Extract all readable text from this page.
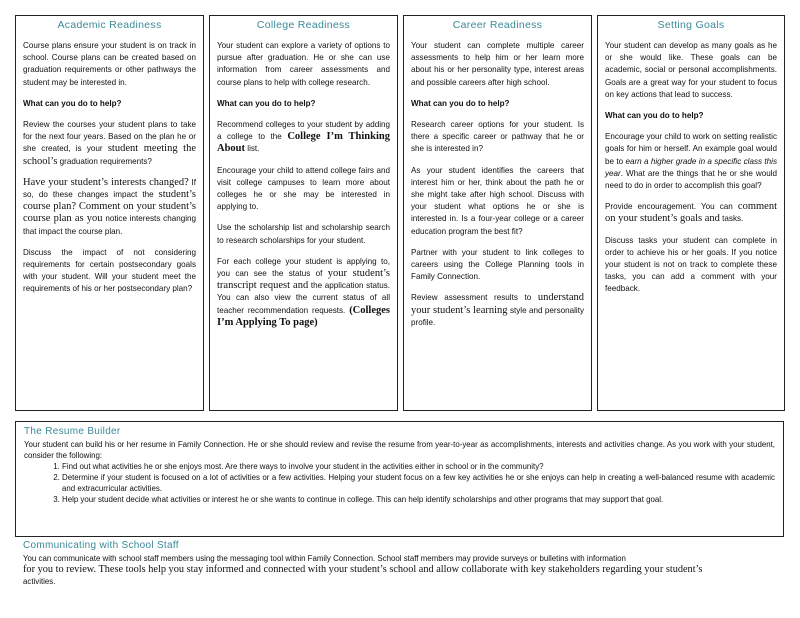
Academic Readiness

Course plans ensure your student is on track in school. Course plans can be created based on graduation requirements or other pathways the student may be interested in.

What can you do to help?

Review the courses your student plans to take for the next four years. Based on the plan he or she created, is your student meeting the school’s graduation requirements?

Have your student’s interests changed? If so, do these changes impact the student’s course plan? Comment on your student’s course plan as you notice interests changing that impact the course plan.

Discuss the impact of not considering requirements for certain postsecondary goals with your student. Will your student meet the requirements of his or her postsecondary plan?

College Readiness

Your student can explore a variety of options to pursue after graduation. He or she can use information from career assessments and course plans to help with college research.

What can you do to help?

Recommend colleges to your student by adding a college to the College I’m Thinking About list.

Encourage your child to attend college fairs and visit college campuses to learn more about colleges he or she may be interested in applying to.

Use the scholarship list and scholarship search to research scholarships for your student.

For each college your student is applying to, you can see the status of your student’s transcript request and the application status. You can also view the current status of all teacher recommendation requests. (Colleges I’m Applying To page)

Career Readiness

Your student can complete multiple career assessments to help him or her learn more about his or her personality type, interest areas and possible careers after high school.

What can you do to help?

Research career options for your student. Is there a specific career or pathway that he or she is interested in?

As your student identifies the careers that interest him or her, think about the path he or she might take after high school. Discuss with your student what options he or she is interested in. Is a four-year college or a career education program the best fit?

Partner with your student to link colleges to careers using the College Planning tools in Family Connection.

Review assessment results to understand your student’s learning style and personality profile.

Setting Goals

Your student can develop as many goals as he or she would like. These goals can be academic, social or personal accomplishments. Goals are a great way for your student to focus on key actions that lead to success.

What can you do to help?

Encourage your child to work on setting realistic goals for him or herself. An example goal would be to earn a higher grade in a specific class this year. What are the things that he or she would need to do in order to accomplish this goal?

Provide encouragement. You can comment on your student’s goals and tasks.

Discuss tasks your student can complete in order to achieve his or her goals. If you notice your student is not on track to complete these tasks, you can add a comment with your feedback.

The Resume Builder

Your student can build his or her resume in Family Connection. He or she should review and revise the resume from year-to-year as accomplishments, interests and activities change. As you work with your student, consider the following:

1. Find out what activities he or she enjoys most. Are there ways to involve your student in the activities either in school or in the community?
2. Determine if your student is focused on a lot of activities or a few activities. Helping your student focus on a few key activities he or she enjoys can help in creating a well-balanced resume with academic and extracurricular activities.
3. Help your student decide what activities or interest he or she wants to continue in college. This can help identify scholarships and other programs that may support that goal.
Communicating with School Staff

You can communicate with school staff members using the messaging tool within Family Connection. School staff members may provide surveys or bulletins with information

for you to review. These tools help you stay informed and connected with your student’s school and allow collaborate with key stakeholders regarding your student’s

activities.
